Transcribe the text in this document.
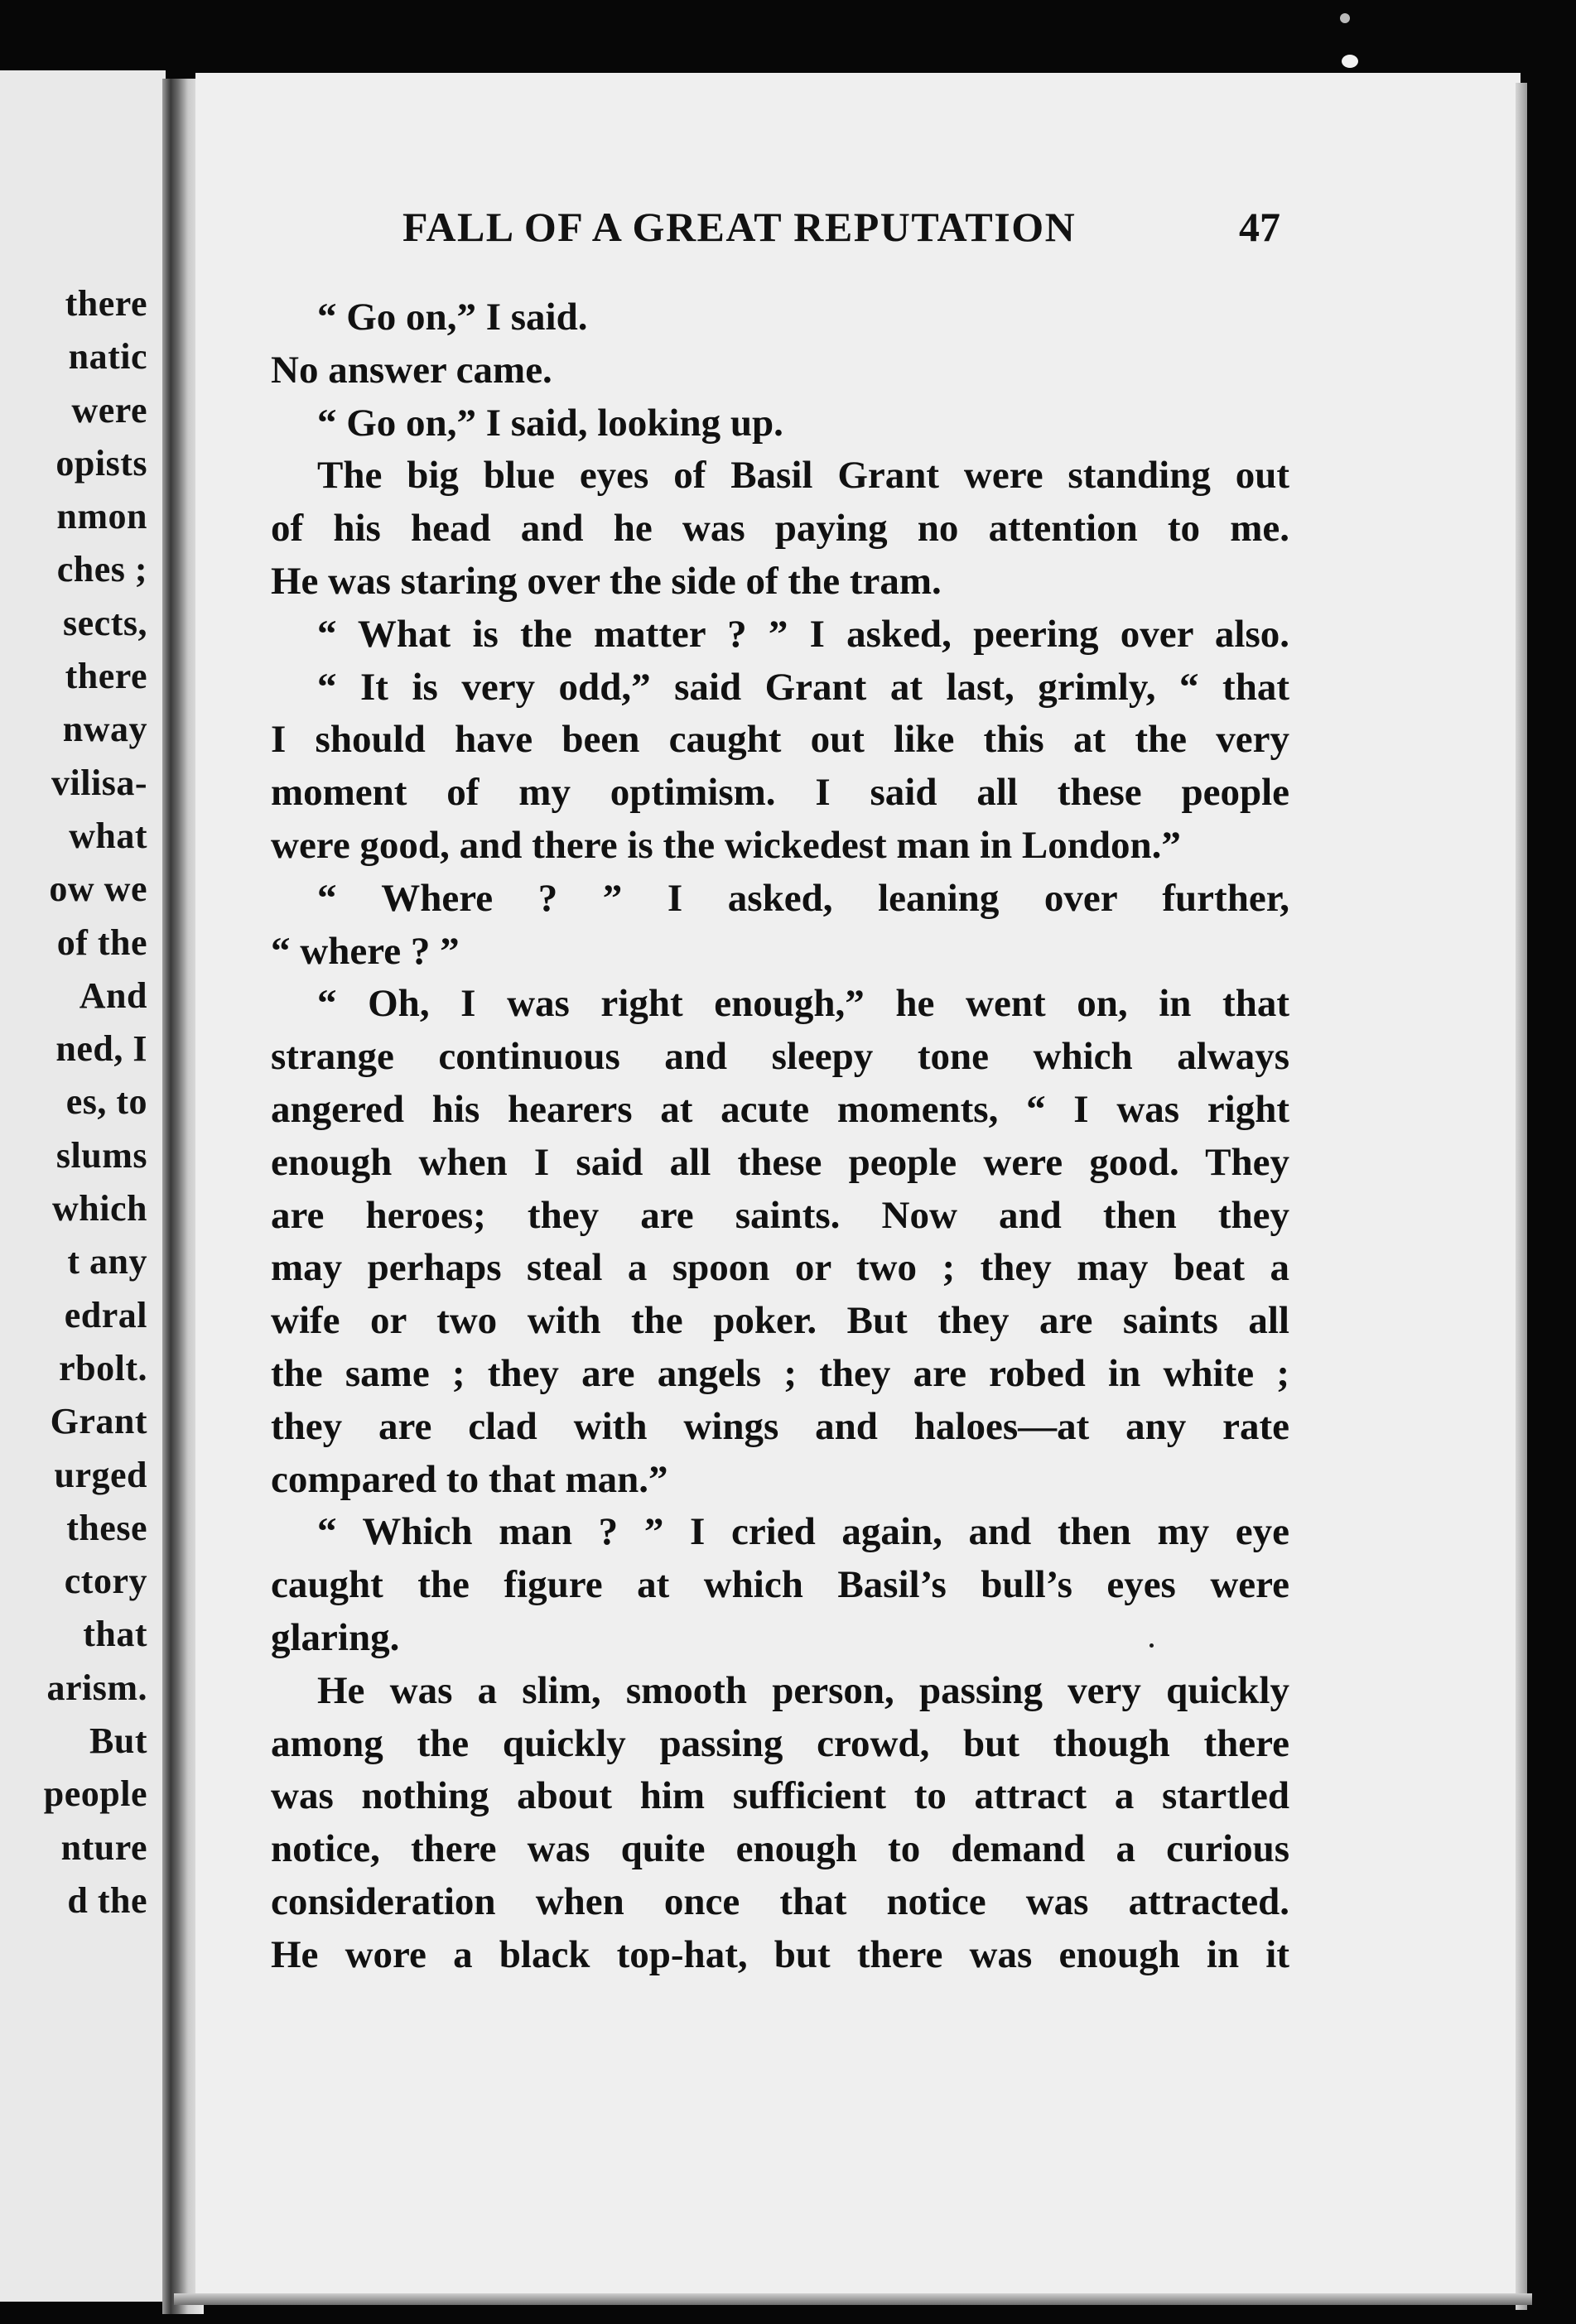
there
natic
were
opists
nmon
ches ;
sects,
there
nway
vilisa-
what
ow we
of the
And
ned, I
es, to
slums
which
t any
edral
rbolt.
Grant
urged
these
ctory
that
arism.
But
people
nture
d the
FALL OF A GREAT REPUTATION	47
“ Go on,” I said.
No answer came.
“ Go on,” I said, looking up.
The big blue eyes of Basil Grant were standing out
of his head and he was paying no attention to me.
He was staring over the side of the tram.
“ What is the matter ? ” I asked, peering over also.
“ It is very odd,” said Grant at last, grimly, “ that
I should have been caught out like this at the very
moment of my optimism. I said all these people
were good, and there is the wickedest man in London.”
“ Where ? ” I asked, leaning over further,
“ where ? ”
“ Oh, I was right enough,” he went on, in that
strange continuous and sleepy tone which always
angered his hearers at acute moments, “ I was right
enough when I said all these people were good. They
are heroes; they are saints. Now and then they
may perhaps steal a spoon or two ; they may beat a
wife or two with the poker. But they are saints all
the same ; they are angels ; they are robed in white ;
they are clad with wings and haloes—at any rate
compared to that man.”
“ Which man ? ” I cried again, and then my eye
caught the figure at which Basil’s bull’s eyes were
glaring.
He was a slim, smooth person, passing very quickly
among the quickly passing crowd, but though there
was nothing about him sufficient to attract a startled
notice, there was quite enough to demand a curious
consideration when once that notice was attracted.
He wore a black top-hat, but there was enough in it
